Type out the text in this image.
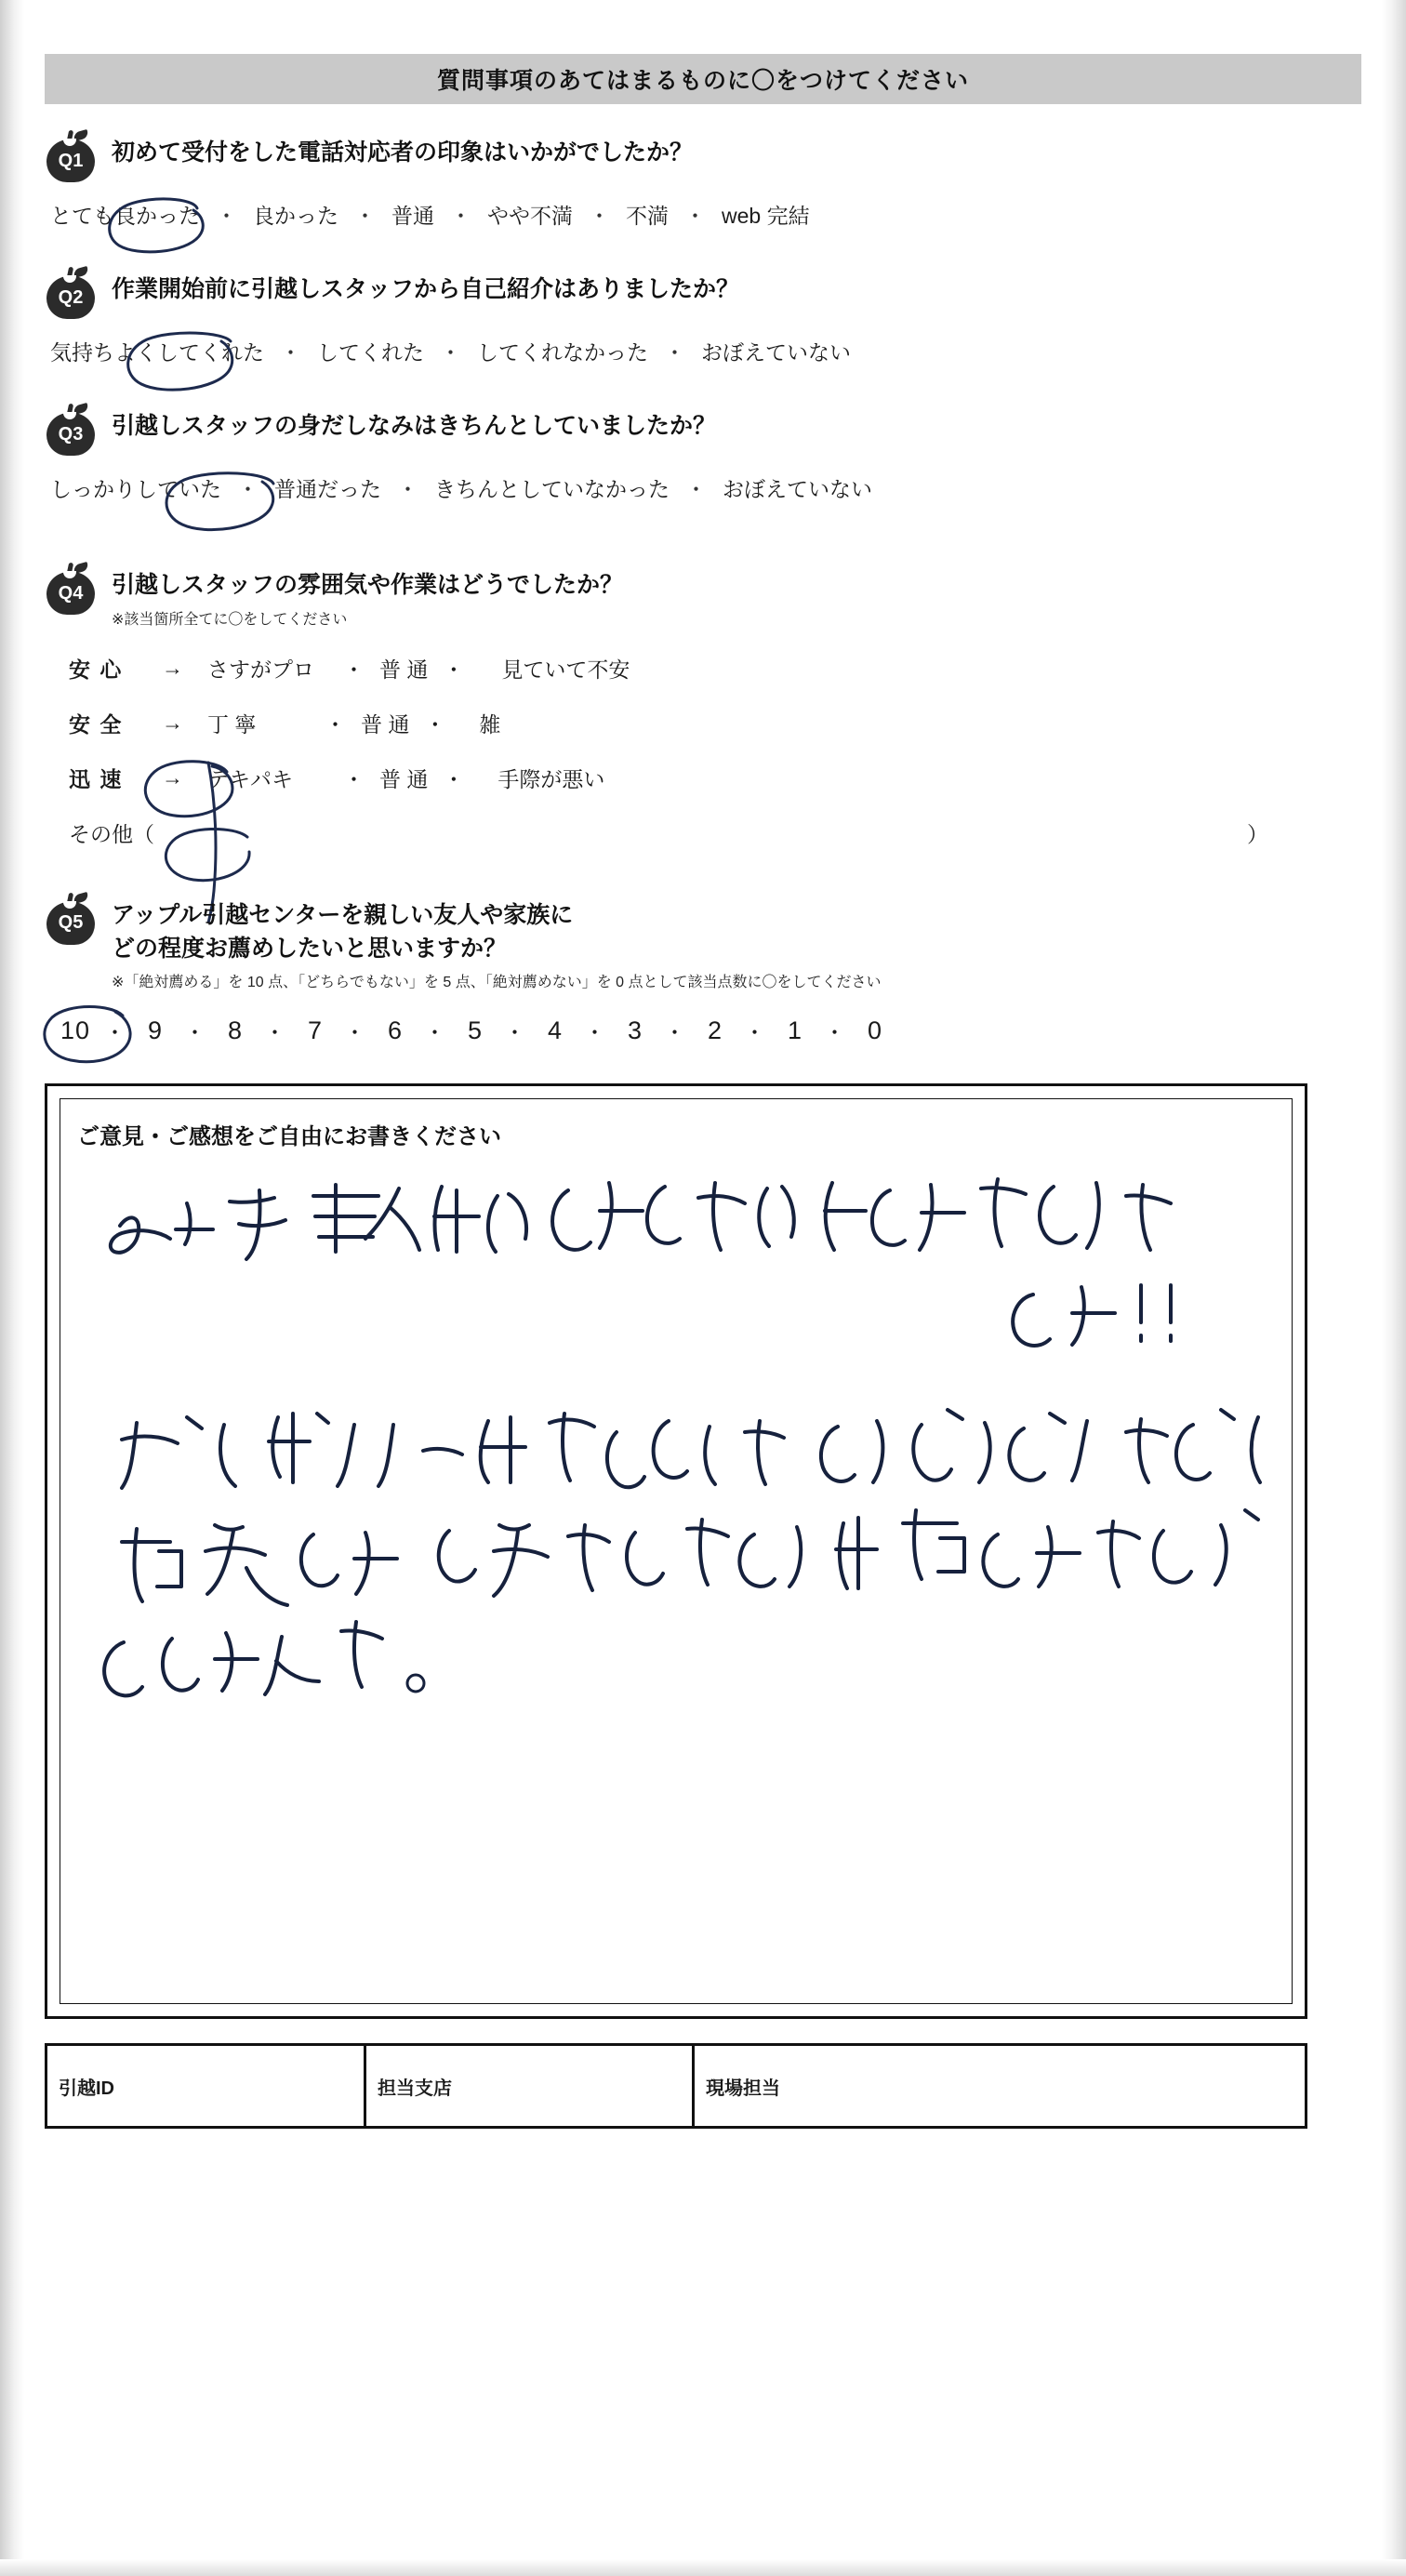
質問事項のあてはまるものに〇をつけてください
Q1	初めて受付をした電話対応者の印象はいかがでしたか？
とても良かった ・ 良かった ・ 普通 ・ やや不満 ・ 不満 ・ web 完結
Q2	作業開始前に引越しスタッフから自己紹介はありましたか？
気持ちよくしてくれた ・ してくれた ・ してくれなかった ・ おぼえていない
Q3	引越しスタッフの身だしなみはきちんとしていましたか？
しっかりしていた ・ 普通だった ・ きちんとしていなかった ・ おぼえていない
Q4	引越しスタッフの雰囲気や作業はどうでしたか？
※該当箇所全てに〇をしてください
安 心	→ さすがプロ	・ 普 通 ・ 見ていて不安
安 全	→ 丁 寧	・ 普 通 ・ 雑
迅 速	→ テキパキ	・ 普 通 ・ 手際が悪い
その他（	）
Q5	アップル引越センターを親しい友人や家族に
どの程度お薦めしたいと思いますか？
※「絶対薦める」を 10 点、「どちらでもない」を 5 点、「絶対薦めない」を 0 点として該当点数に〇をしてください
10 ・ 9 ・ 8 ・ 7 ・ 6 ・ 5 ・ 4 ・ 3 ・ 2 ・ 1 ・ 0
ご意見・ご感想をご自由にお書きください
引越ID	担当支店	現場担当
